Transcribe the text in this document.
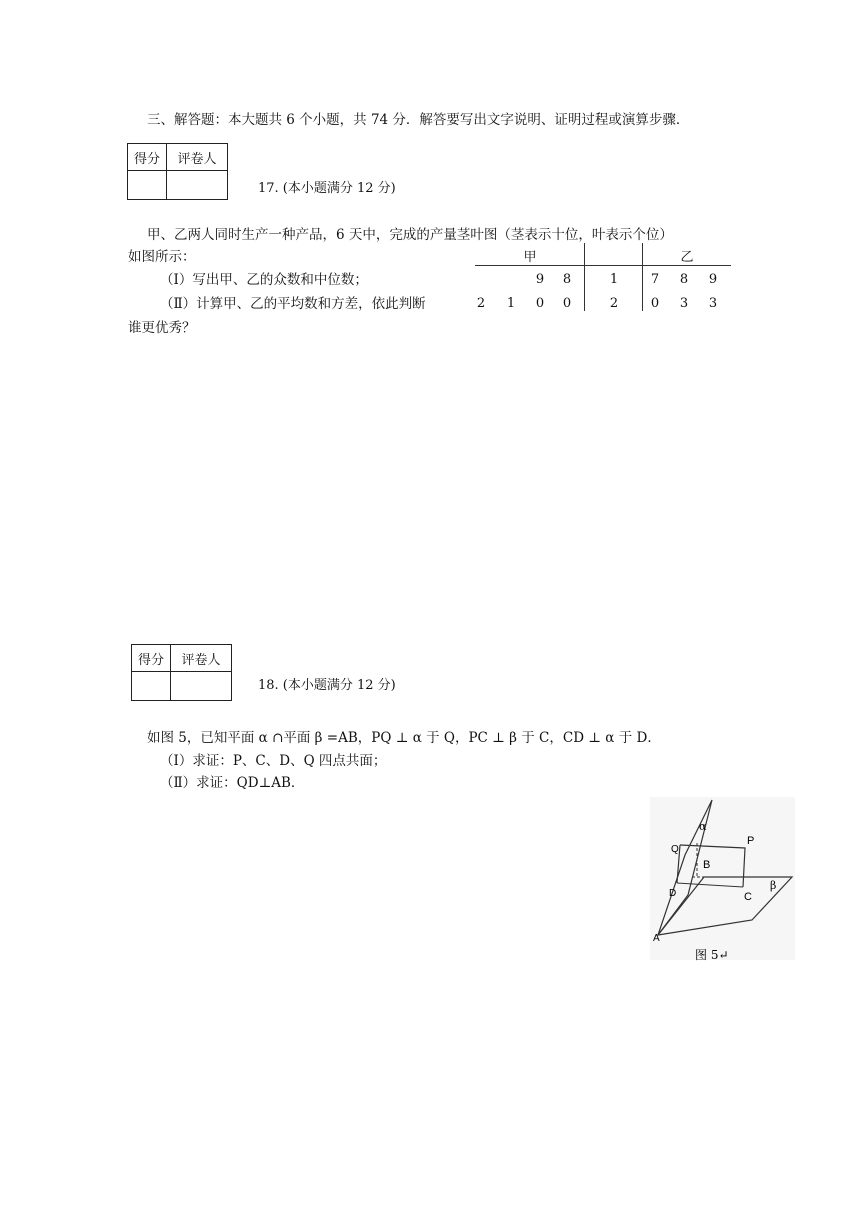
三、解答题：本大题共 6 个小题，共 74 分．解答要写出文字说明、证明过程或演算步骤．
得分	评卷人

17. (本小题满分 12 分)
甲、乙两人同时生产一种产品，6 天中，完成的产量茎叶图（茎表示十位，叶表示个位）
如图所示：
（Ⅰ）写出甲、乙的众数和中位数；
（Ⅱ）计算甲、乙的平均数和方差，依此判断
谁更优秀？
甲	乙
9 8	1	7 8 9
2 1 0 0	2	0 3 3
得分	评卷人

18. (本小题满分 12 分)
如图 5，已知平面 α ∩平面 β =AB，PQ ⊥ α 于 Q，PC ⊥ β 于 C，CD ⊥ α 于 D．
（Ⅰ）求证：P、C、D、Q 四点共面；
（Ⅱ）求证：QD⊥AB．
α
β
P
Q
B
C
D
A
图 5↵
